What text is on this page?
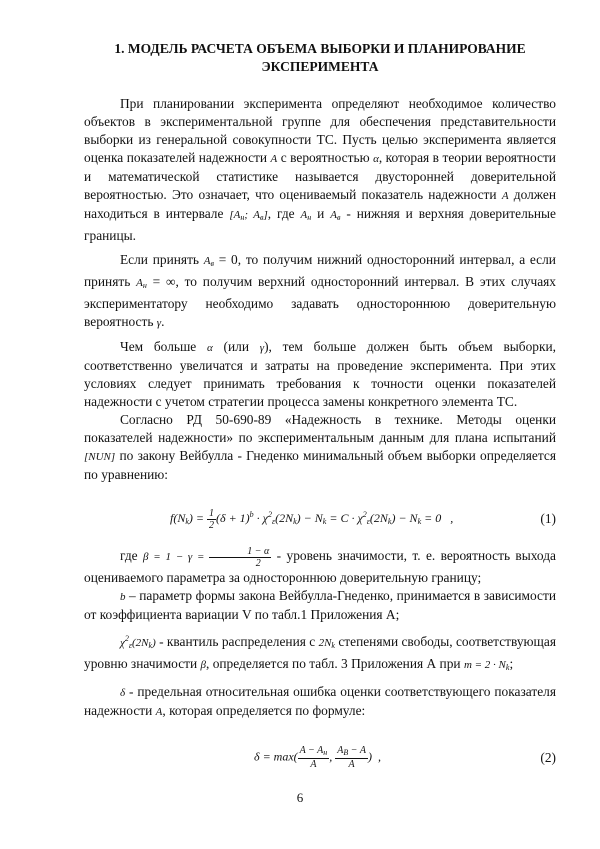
1. МОДЕЛЬ РАСЧЕТА ОБЪЕМА ВЫБОРКИ И ПЛАНИРОВАНИЕ ЭКСПЕРИМЕНТА

При планировании эксперимента определяют необходимое количество объектов в экспериментальной группе для обеспечения представительности выборки из генеральной совокупности ТС. Пусть целью эксперимента является оценка показателей надежности A с вероятностью α, которая в теории вероятности и математической статистике называется двусторонней доверительной вероятностью. Это означает, что оцениваемый показатель надежности A должен находиться в интервале [$A_н$; $A_в$], где $A_н$ и $A_в$ - нижняя и верхняя доверительные границы.

Если принять $A_в = 0$, то получим нижний односторонний интервал, а если принять $A_н$ = ∞, то получим верхний односторонний интервал. В этих случаях экспериментатору необходимо задавать одностороннюю доверительную вероятность γ.

Чем больше α (или γ), тем больше должен быть объем выборки, соответственно увеличатся и затраты на проведение эксперимента. При этих условиях следует принимать требования к точности оценки показателей надежности с учетом стратегии процесса замены конкретного элемента ТС.

Согласно РД 50-690-89 «Надежность в технике. Методы оценки показателей надежности» по экспериментальным данным для плана испытаний [NUN] по закону Вейбулла - Гнеденко минимальный объем выборки определяется по уравнению:

$f(N_k) = \frac{1}{2} (\delta + 1)^b \cdot \chi^2_\varepsilon(2N_k) - N_k = C \cdot \chi^2_\varepsilon(2N_k) - N_k = 0$ ,	(1)

где $\beta = 1 - \gamma = \frac{1 - \alpha}{2}$ - уровень значимости, т. е. вероятность выхода оцениваемого параметра за одностороннюю доверительную границу;

b – параметр формы закона Вейбулла-Гнеденко, принимается в зависимости от коэффициента вариации V по табл.1 Приложения А;

$\chi^2_\varepsilon(2N_k)$ - квантиль распределения с $2N_k$ степенями свободы, соответствующая уровню значимости β, определяется по табл. 3 Приложения А при $m = 2 \cdot N_k$;

δ - предельная относительная ошибка оценки соответствующего показателя надежности A, которая определяется по формуле:

$\delta = \max( \frac{A - A_н}{A}$ , $\frac{A_B - A}{A}$ ) ,	(2)
6
